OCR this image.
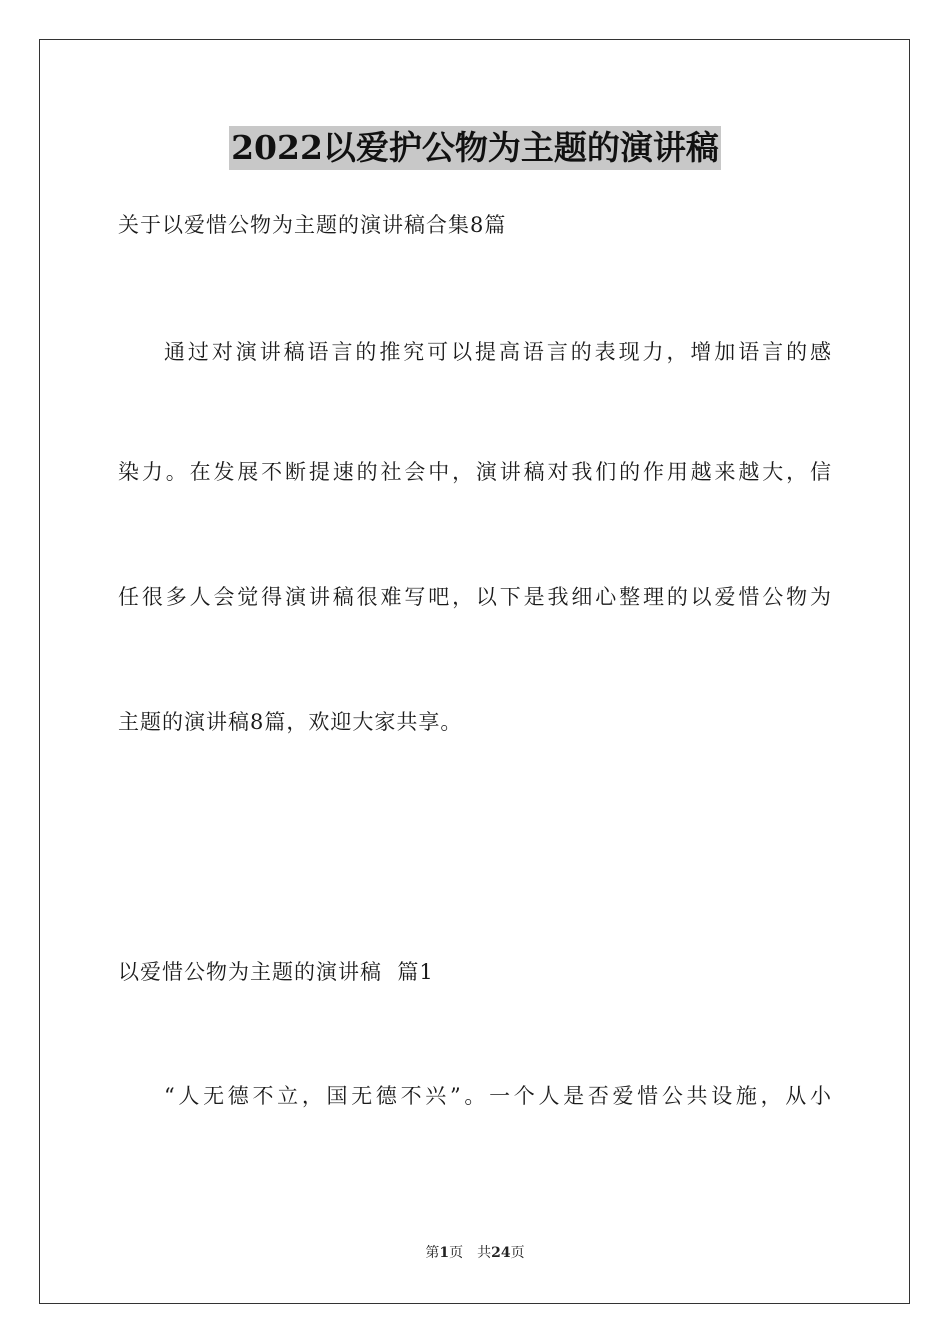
2022以爱护公物为主题的演讲稿
关于以爱惜公物为主题的演讲稿合集8篇
通过对演讲稿语言的推究可以提高语言的表现力，增加语言的感
染力。在发展不断提速的社会中，演讲稿对我们的作用越来越大，信
任很多人会觉得演讲稿很难写吧，以下是我细心整理的以爱惜公物为
主题的演讲稿8篇，欢迎大家共享。
以爱惜公物为主题的演讲稿  篇1
“人无德不立，国无德不兴”。一个人是否爱惜公共设施，从小
第1页 共24页
